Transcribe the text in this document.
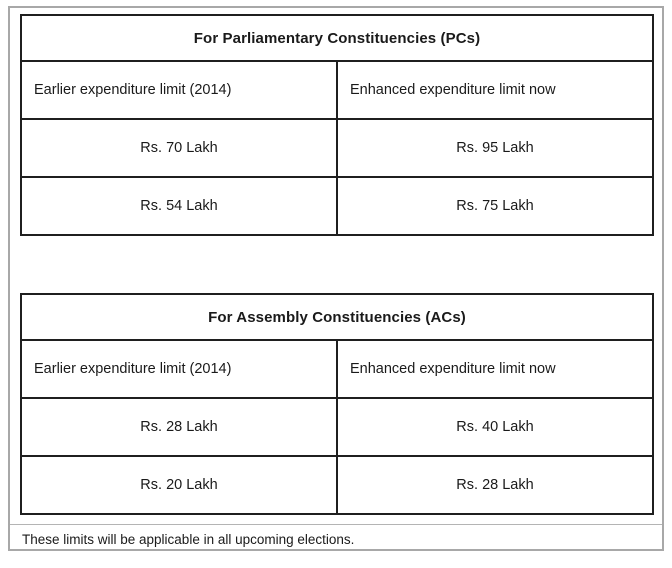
For Parliamentary Constituencies (PCs)	
Earlier expenditure limit (2014)	Enhanced expenditure limit now
Rs. 70 Lakh	Rs. 95 Lakh
Rs. 54 Lakh	Rs. 75 Lakh
For Assembly Constituencies (ACs)	
Earlier expenditure limit (2014)	Enhanced expenditure limit now
Rs. 28 Lakh	Rs. 40 Lakh
Rs. 20 Lakh	Rs. 28 Lakh
These limits will be applicable in all upcoming elections.
